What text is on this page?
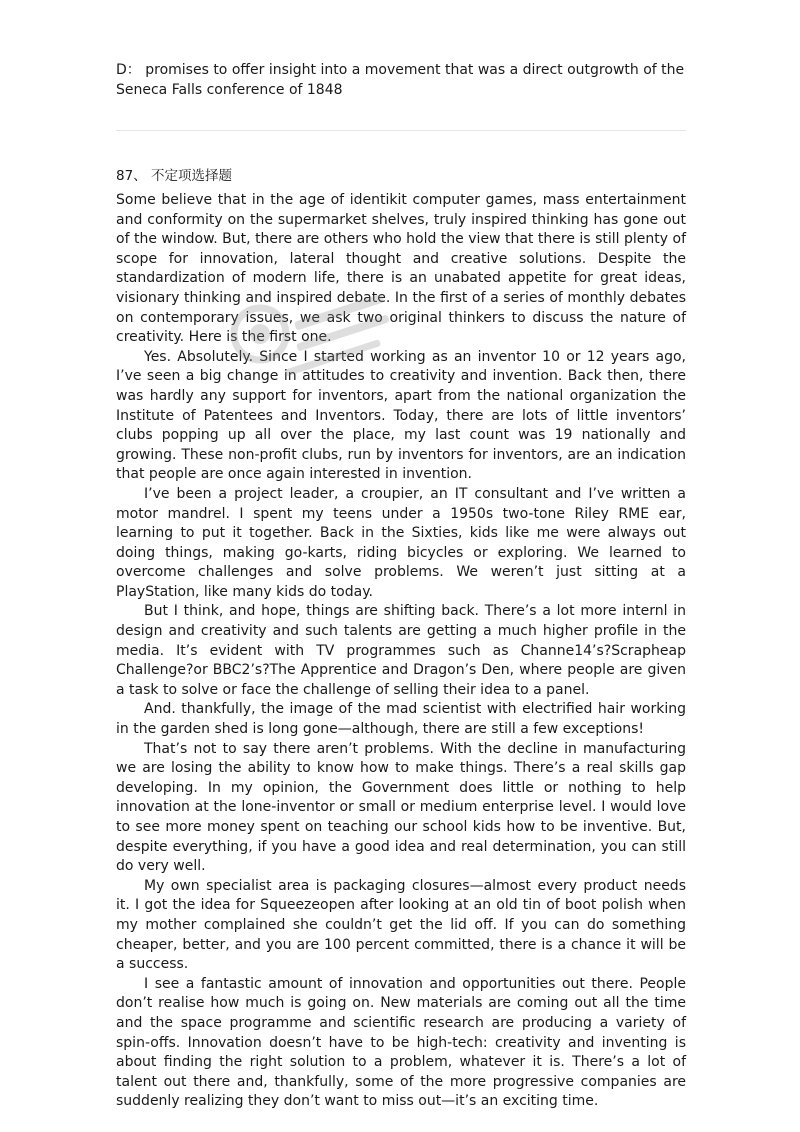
D： promises to offer insight into a movement that was a direct outgrowth of the Seneca Falls conference of 1848

87、 不定项选择题

Some believe that in the age of identikit computer games, mass entertainment and conformity on the supermarket shelves, truly inspired thinking has gone out of the window. But, there are others who hold the view that there is still plenty of scope for innovation, lateral thought and creative solutions. Despite the standardization of modern life, there is an unabated appetite for great ideas, visionary thinking and inspired debate. In the first of a series of monthly debates on contemporary issues, we ask two original thinkers to discuss the nature of creativity. Here is the first one.

Yes. Absolutely. Since I started working as an inventor 10 or 12 years ago, I’ve seen a big change in attitudes to creativity and invention. Back then, there was hardly any support for inventors, apart from the national organization the Institute of Patentees and Inventors. Today, there are lots of little inventors’ clubs popping up all over the place, my last count was 19 nationally and growing. These non-profit clubs, run by inventors for inventors, are an indication that people are once again interested in invention.

I’ve been a project leader, a croupier, an IT consultant and I’ve written a motor mandrel. I spent my teens under a 1950s two-tone Riley RME ear, learning to put it together. Back in the Sixties, kids like me were always out doing things, making go-karts, riding bicycles or exploring. We learned to overcome challenges and solve problems. We weren’t just sitting at a PlayStation, like many kids do today.

But I think, and hope, things are shifting back. There’s a lot more internl in design and creativity and such talents are getting a much higher profile in the media. It’s evident with TV programmes such as Channe14’s?Scrapheap Challenge?or BBC2’s?The Apprentice and Dragon’s Den, where people are given a task to solve or face the challenge of selling their idea to a panel.

And. thankfully, the image of the mad scientist with electrified hair working in the garden shed is long gone—although, there are still a few exceptions!

That’s not to say there aren’t problems. With the decline in manufacturing we are losing the ability to know how to make things. There’s a real skills gap developing. In my opinion, the Government does little or nothing to help innovation at the lone-inventor or small or medium enterprise level. I would love to see more money spent on teaching our school kids how to be inventive. But, despite everything, if you have a good idea and real determination, you can still do very well.

My own specialist area is packaging closures—almost every product needs it. I got the idea for Squeezeopen after looking at an old tin of boot polish when my mother complained she couldn’t get the lid off. If you can do something cheaper, better, and you are 100 percent committed, there is a chance it will be a success.

I see a fantastic amount of innovation and opportunities out there. People don’t realise how much is going on. New materials are coming out all the time and the space programme and scientific research are producing a variety of spin-offs. Innovation doesn’t have to be high-tech: creativity and inventing is about finding the right solution to a problem, whatever it is. There’s a lot of talent out there and, thankfully, some of the more progressive companies are suddenly realizing they don’t want to miss out—it’s an exciting time.
